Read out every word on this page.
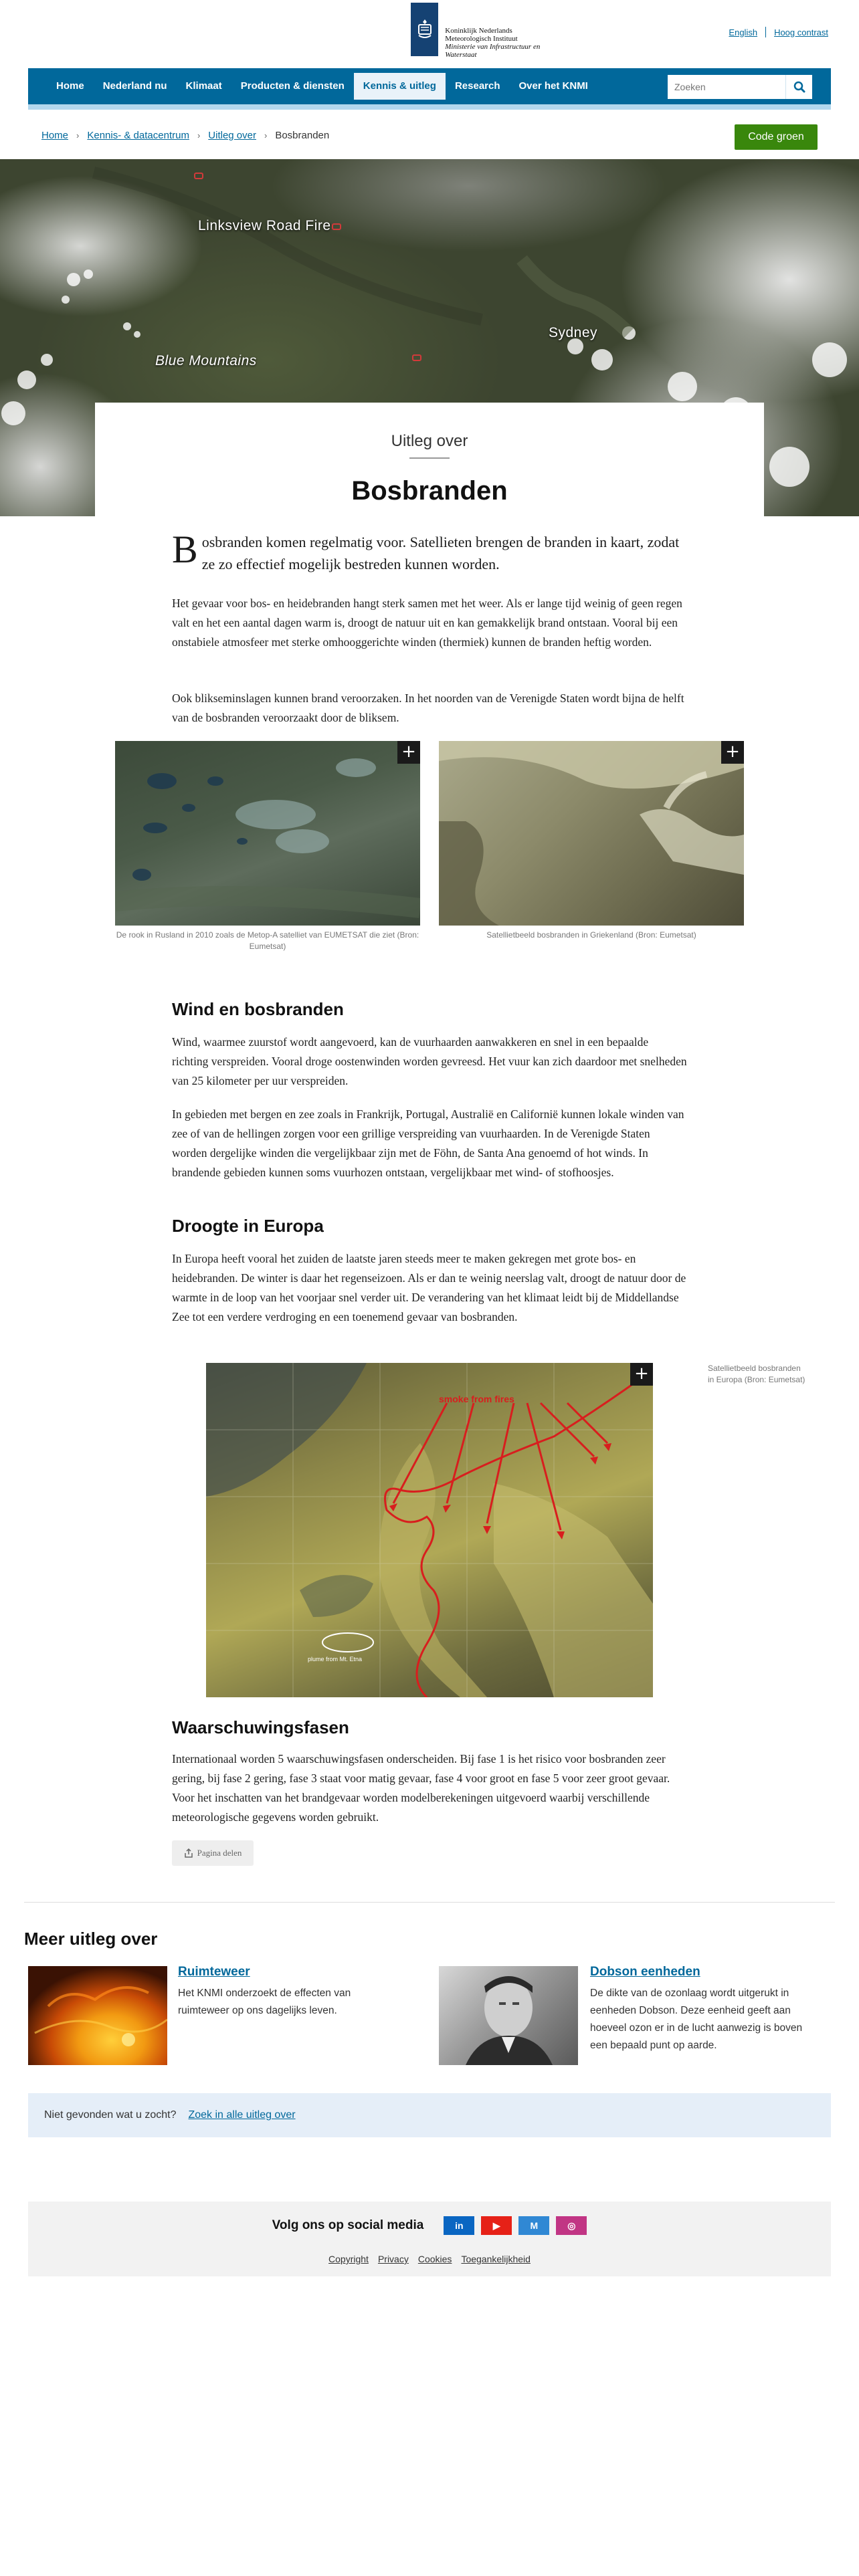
Koninklijk Nederlands
Meteorologisch Instituut
Ministerie van Infrastructuur en Waterstaat
English Hoog contrast
Home	Nederland nu	Klimaat	Producten & diensten	Kennis & uitleg	Research	Over het KNMI
Zoeken
Home › Kennis- & datacentrum › Uitleg over › Bosbranden	Code groen
Linksview Road Fire
Blue Mountains
Sydney
Uitleg over
Bosbranden
Bosbranden komen regelmatig voor. Satellieten brengen de branden in kaart, zodat ze zo effectief mogelijk bestreden kunnen worden.
Het gevaar voor bos- en heidebranden hangt sterk samen met het weer. Als er lange tijd weinig of geen regen valt en het een aantal dagen warm is, droogt de natuur uit en kan gemakkelijk brand ontstaan. Vooral bij een onstabiele atmosfeer met sterke omhooggerichte winden (thermiek) kunnen de branden heftig worden.
Ook blikseminslagen kunnen brand veroorzaken. In het noorden van de Verenigde Staten wordt bijna de helft van de bosbranden veroorzaakt door de bliksem.
+
De rook in Rusland in 2010 zoals de Metop-A satelliet van EUMETSAT die ziet (Bron: Eumetsat)
+
Satellietbeeld bosbranden in Griekenland (Bron: Eumetsat)
Wind en bosbranden
Wind, waarmee zuurstof wordt aangevoerd, kan de vuurhaarden aanwakkeren en snel in een bepaalde richting verspreiden. Vooral droge oostenwinden worden gevreesd. Het vuur kan zich daardoor met snelheden van 25 kilometer per uur verspreiden.
In gebieden met bergen en zee zoals in Frankrijk, Portugal, Australië en Californië kunnen lokale winden van zee of van de hellingen zorgen voor een grillige verspreiding van vuurhaarden. In de Verenigde Staten worden dergelijke winden die vergelijkbaar zijn met de Föhn, de Santa Ana genoemd of hot winds. In brandende gebieden kunnen soms vuurhozen ontstaan, vergelijkbaar met wind- of stofhoosjes.
Droogte in Europa
In Europa heeft vooral het zuiden de laatste jaren steeds meer te maken gekregen met grote bos- en heidebranden. De winter is daar het regenseizoen. Als er dan te weinig neerslag valt, droogt de natuur door de warmte in de loop van het voorjaar snel verder uit. De verandering van het klimaat leidt bij de Middellandse Zee tot een verdere verdroging en een toenemend gevaar van bosbranden.
smoke from fires
plume from Mt. Etna
+	Satellietbeeld bosbranden in Europa (Bron: Eumetsat)
Waarschuwingsfasen
Internationaal worden 5 waarschuwingsfasen onderscheiden. Bij fase 1 is het risico voor bosbranden zeer gering, bij fase 2 gering, fase 3 staat voor matig gevaar, fase 4 voor groot en fase 5 voor zeer groot gevaar. Voor het inschatten van het brandgevaar worden modelberekeningen uitgevoerd waarbij verschillende meteorologische gegevens worden gebruikt.
Pagina delen
Meer uitleg over
Ruimteweer
Het KNMI onderzoekt de effecten van ruimteweer op ons dagelijks leven.
Dobson eenheden
De dikte van de ozonlaag wordt uitgerukt in eenheden Dobson. Deze eenheid geeft aan hoeveel ozon er in de lucht aanwezig is boven een bepaald punt op aarde.
Niet gevonden wat u zocht? Zoek in alle uitleg over
Volg ons op social media	in	▶	M	◎
Copyright Privacy Cookies Toegankelijkheid
